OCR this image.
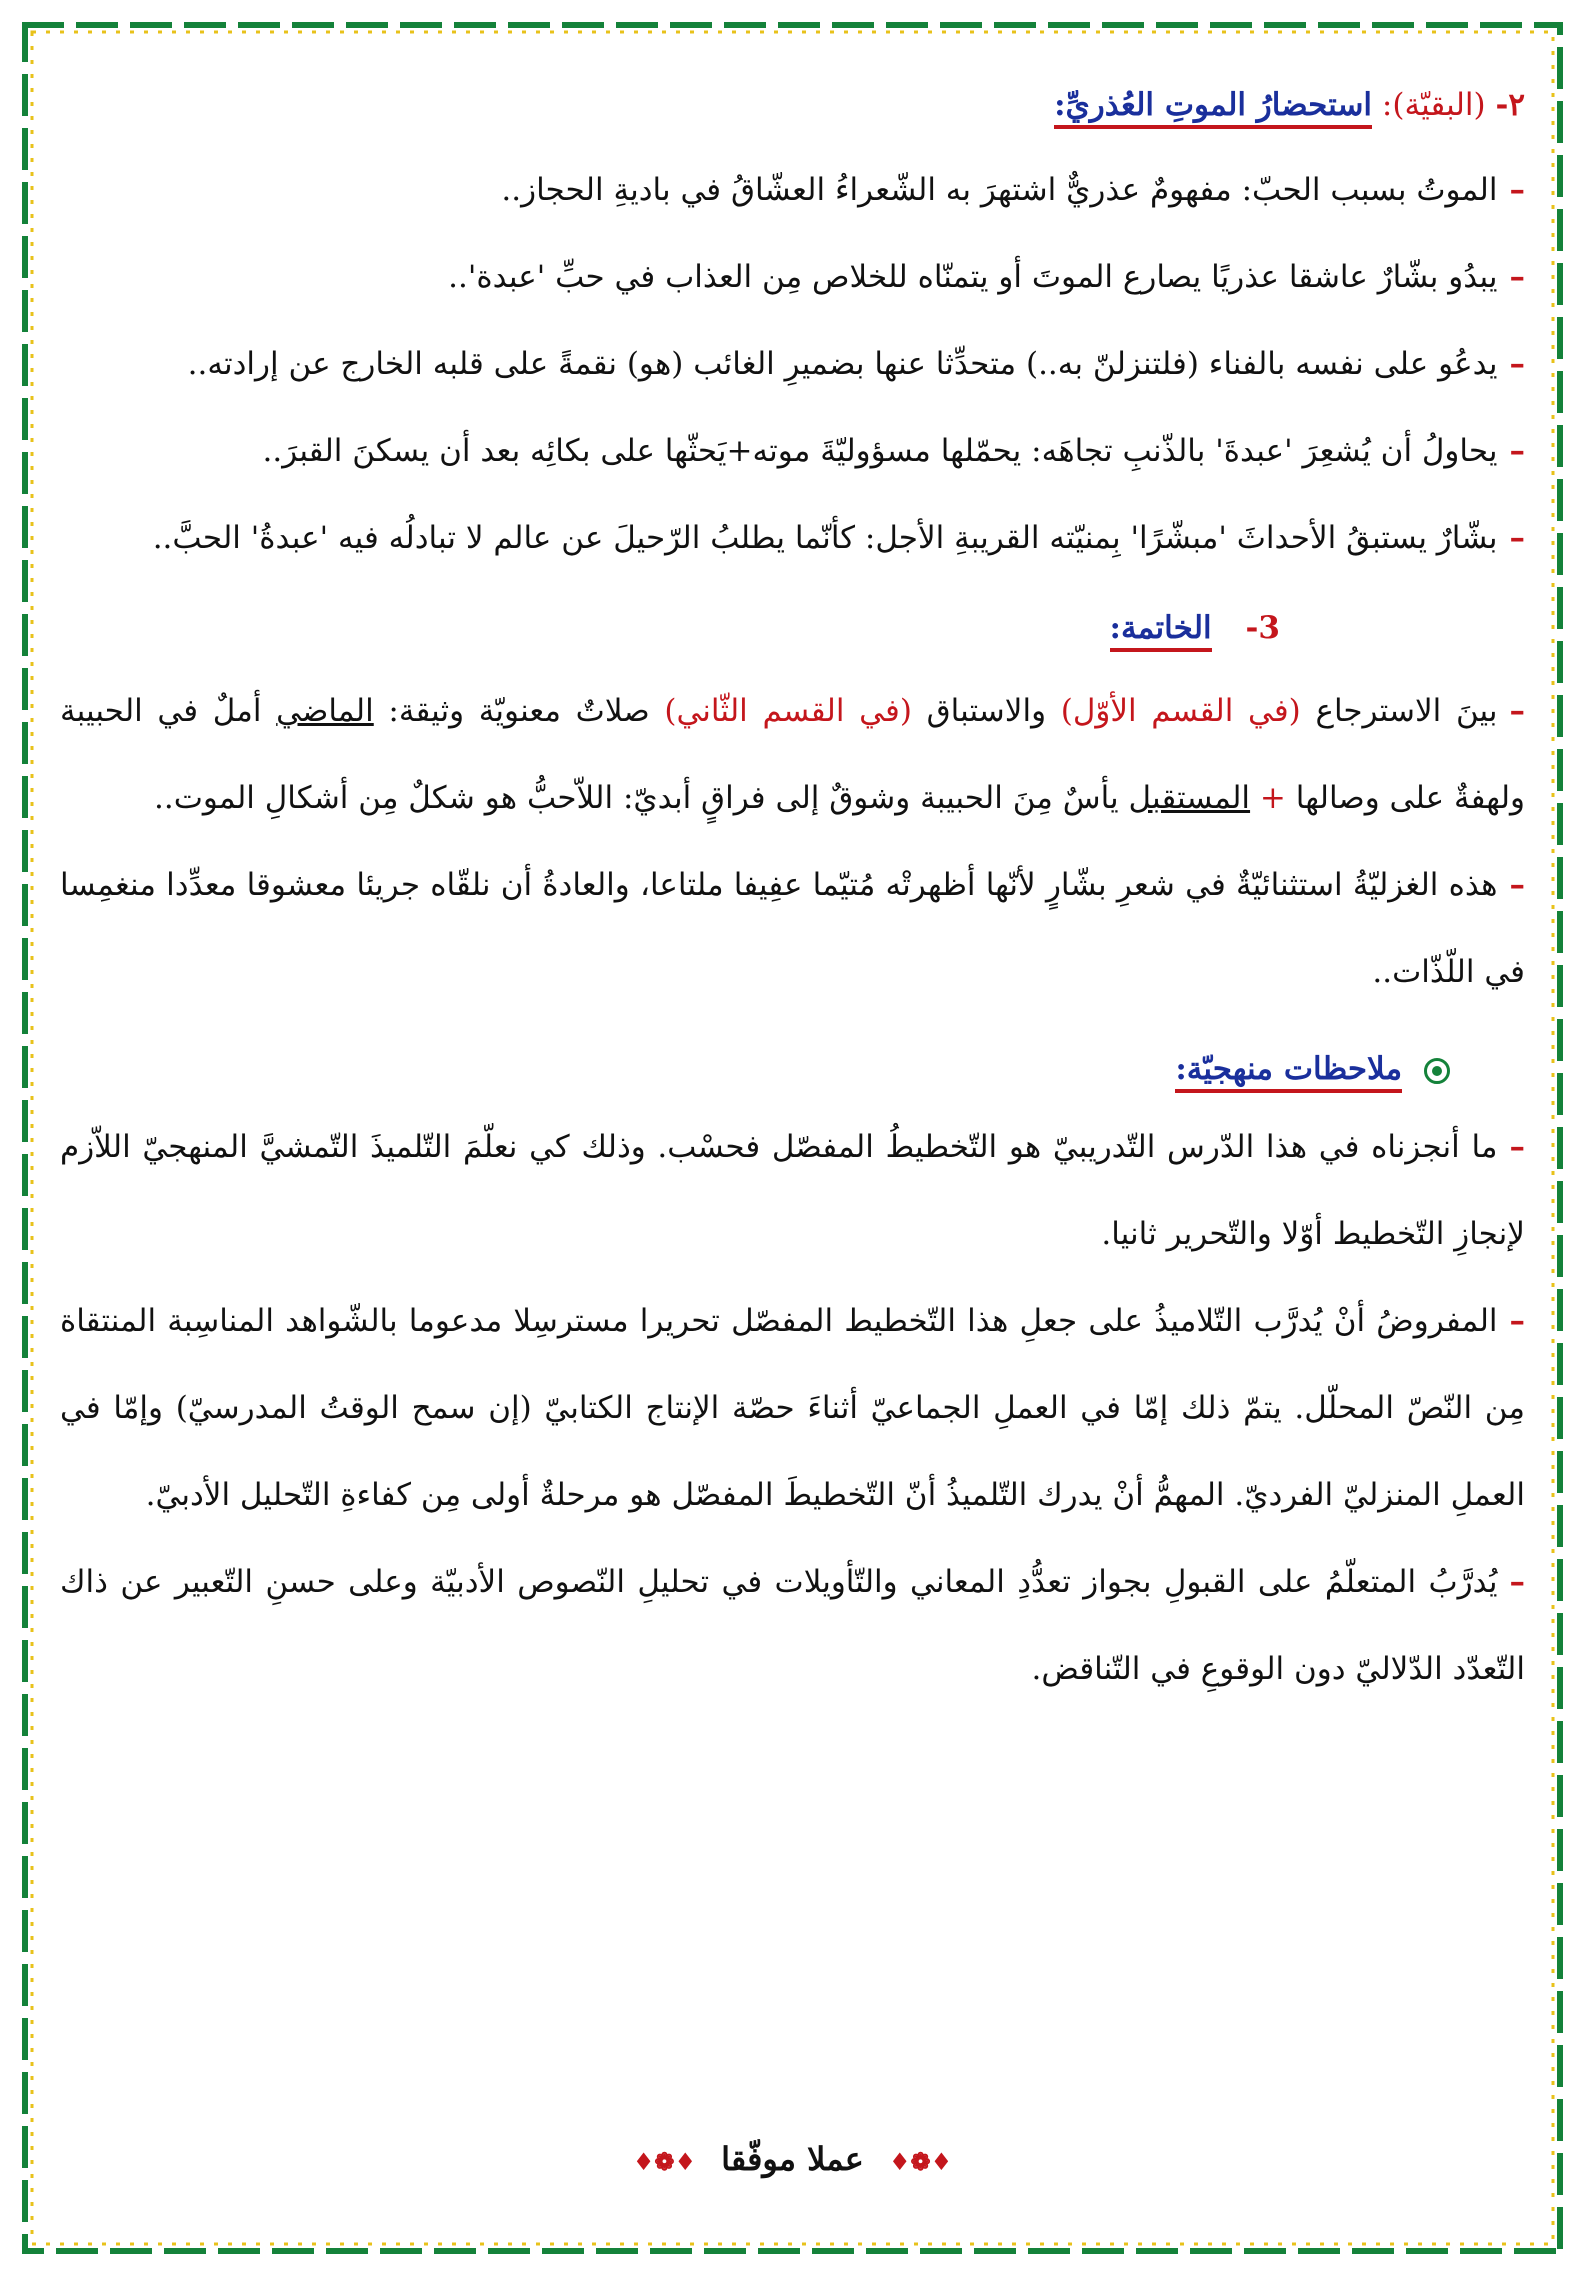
٢- (البقيّة): استحضارُ الموتِ العُذريِّ:
–الموتُ بسبب الحبّ: مفهومٌ عذريٌّ اشتهرَ به الشّعراءُ العشّاقُ في باديةِ الحجاز..
–يبدُو بشّارٌ عاشقا عذريًا يصارع الموتَ أو يتمنّاه للخلاص مِن العذاب في حبِّ 'عبدة'..
–يدعُو على نفسه بالفناء (فلتنزلنّ به..) متحدِّثا عنها بضميرِ الغائب (هو) نقمةً على قلبه الخارج عن إرادته..
–يحاولُ أن يُشعِرَ 'عبدةَ' بالذّنبِ تجاهَه: يحمّلها مسؤوليّةَ موته+يَحثّها على بكائِه بعد أن يسكنَ القبرَ..
–بشّارٌ يستبقُ الأحداثَ 'مبشّرًا' بِمنيّته القريبةِ الأجل: كأنّما يطلبُ الرّحيلَ عن عالم لا تبادلُه فيه 'عبدةُ' الحبَّ..
3- الخاتمة:
–بينَ الاسترجاع (في القسم الأوّل) والاستباق (في القسم الثّاني) صلاتٌ معنويّة وثيقة: الماضي أملٌ في الحبيبة ولهفةٌ على وصالها + المستقبل يأسٌ مِنَ الحبيبة وشوقٌ إلى فراقٍ أبديّ: اللاّحبُّ هو شكلٌ مِن أشكالِ الموت..
–هذه الغزليّةُ استثنائيّةٌ في شعرِ بشّارٍ لأنّها أظهرتْه مُتيّما عفِيفا ملتاعا، والعادةُ أن نلقّاه جريئا معشوقا معدِّدا منغمِسا في اللّذّات..
ملاحظات منهجيّة:
–ما أنجزناه في هذا الدّرس التّدريبيّ هو التّخطيطُ المفصّل فحسْب. وذلك كي نعلّمَ التّلميذَ التّمشيَّ المنهجيّ اللاّزم لإنجازِ التّخطيط أوّلا والتّحرير ثانيا.
–المفروضُ أنْ يُدرَّب التّلاميذُ على جعلِ هذا التّخطيط المفصّل تحريرا مسترسِلا مدعوما بالشّواهد المناسِبة المنتقاة مِن النّصّ المحلّل. يتمّ ذلك إمّا في العملِ الجماعيّ أثناءَ حصّة الإنتاج الكتابيّ (إن سمح الوقتُ المدرسيّ) وإمّا في العملِ المنزليّ الفرديّ. المهمُّ أنْ يدرك التّلميذُ أنّ التّخطيطَ المفصّل هو مرحلةٌ أولى مِن كفاءةِ التّحليل الأدبيّ.
–يُدرَّبُ المتعلّمُ على القبولِ بجواز تعدُّدِ المعاني والتّأويلات في تحليلِ النّصوص الأدبيّة وعلى حسنِ التّعبير عن ذاك التّعدّد الدّلاليّ دون الوقوعِ في التّناقض.
♦❁♦ عملا موفّقا ♦❁♦
